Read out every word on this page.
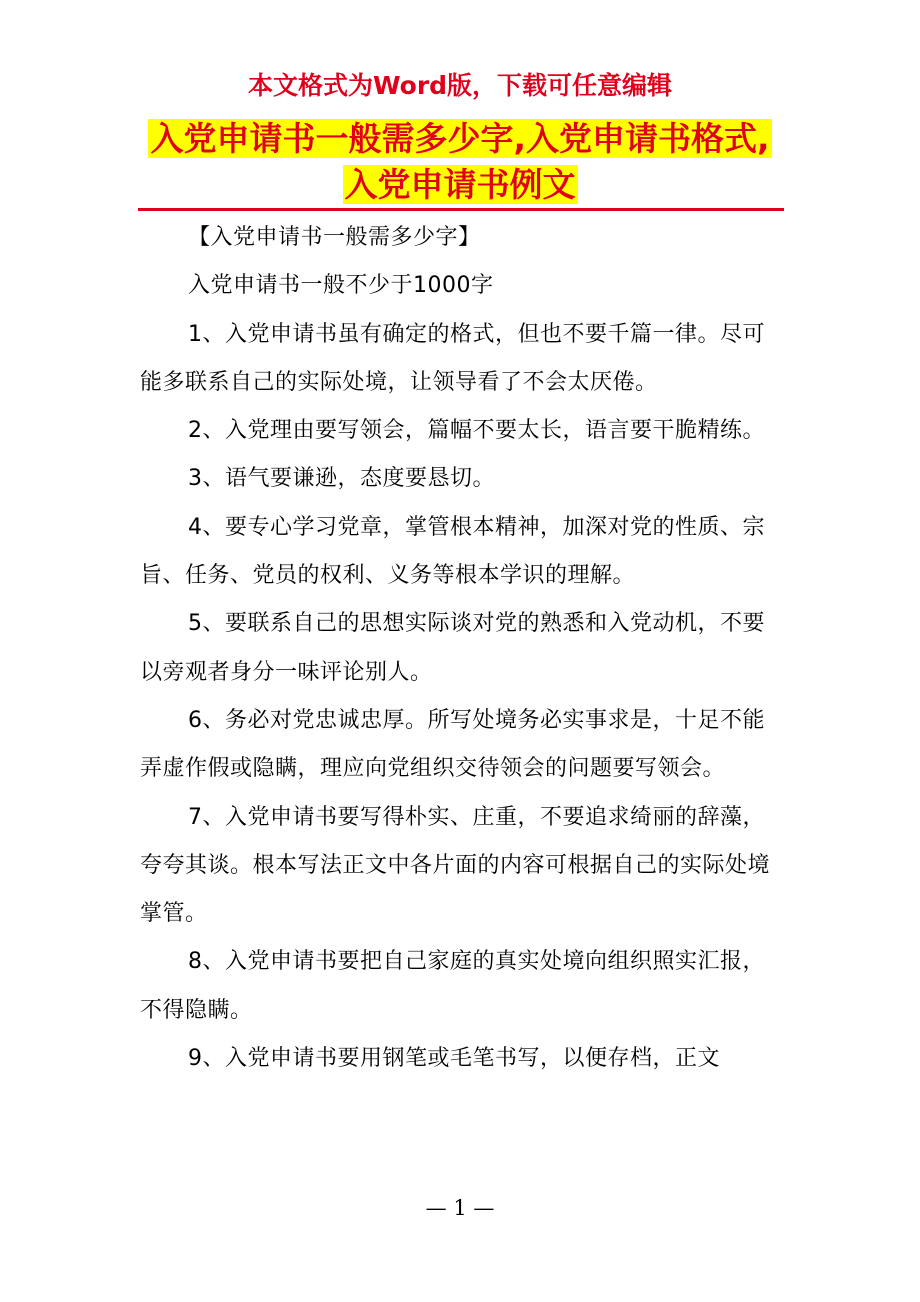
本文格式为Word版，下载可任意编辑
入党申请书一般需多少字,入党申请书格式,
入党申请书例文

【入党申请书一般需多少字】

入党申请书一般不少于1000字

1、入党申请书虽有确定的格式，但也不要千篇一律。尽可能多联系自己的实际处境，让领导看了不会太厌倦。

2、入党理由要写领会，篇幅不要太长，语言要干脆精练。

3、语气要谦逊，态度要恳切。

4、要专心学习党章，掌管根本精神，加深对党的性质、宗旨、任务、党员的权利、义务等根本学识的理解。

5、要联系自己的思想实际谈对党的熟悉和入党动机，不要以旁观者身分一味评论别人。

6、务必对党忠诚忠厚。所写处境务必实事求是，十足不能弄虚作假或隐瞒，理应向党组织交待领会的问题要写领会。

7、入党申请书要写得朴实、庄重，不要追求绮丽的辞藻，夸夸其谈。根本写法正文中各片面的内容可根据自己的实际处境掌管。

8、入党申请书要把自己家庭的真实处境向组织照实汇报，不得隐瞒。

9、入党申请书要用钢笔或毛笔书写，以便存档，正文

— 1 —
